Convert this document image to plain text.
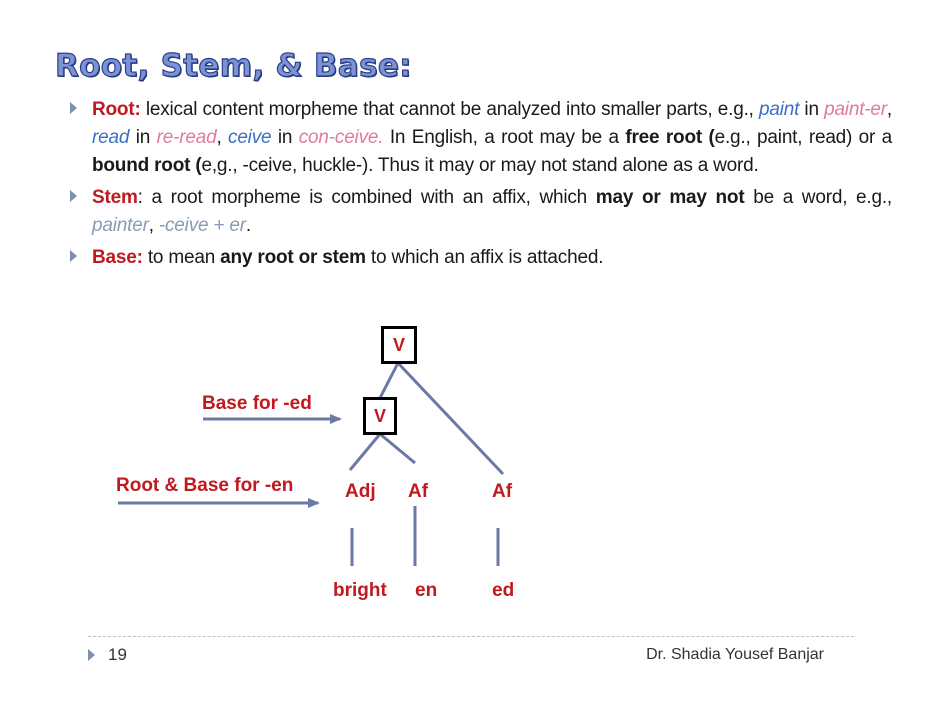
Root, Stem, & Base:

Root: lexical content morpheme that cannot be analyzed into smaller parts, e.g., paint in paint-er, read in re-read, ceive in con-ceive. In English, a root may be a free root (e.g., paint, read) or a bound root (e,g., -ceive, huckle-). Thus it may or may not stand alone as a word.

Stem: a root morpheme is combined with an affix, which may or may not be a word, e.g., painter, -ceive + er.

Base: to mean any root or stem to which an affix is attached.

V
V
Adj Af	Af
bright en	ed
Base for -ed
Root & Base for -en
19	Dr. Shadia Yousef Banjar
